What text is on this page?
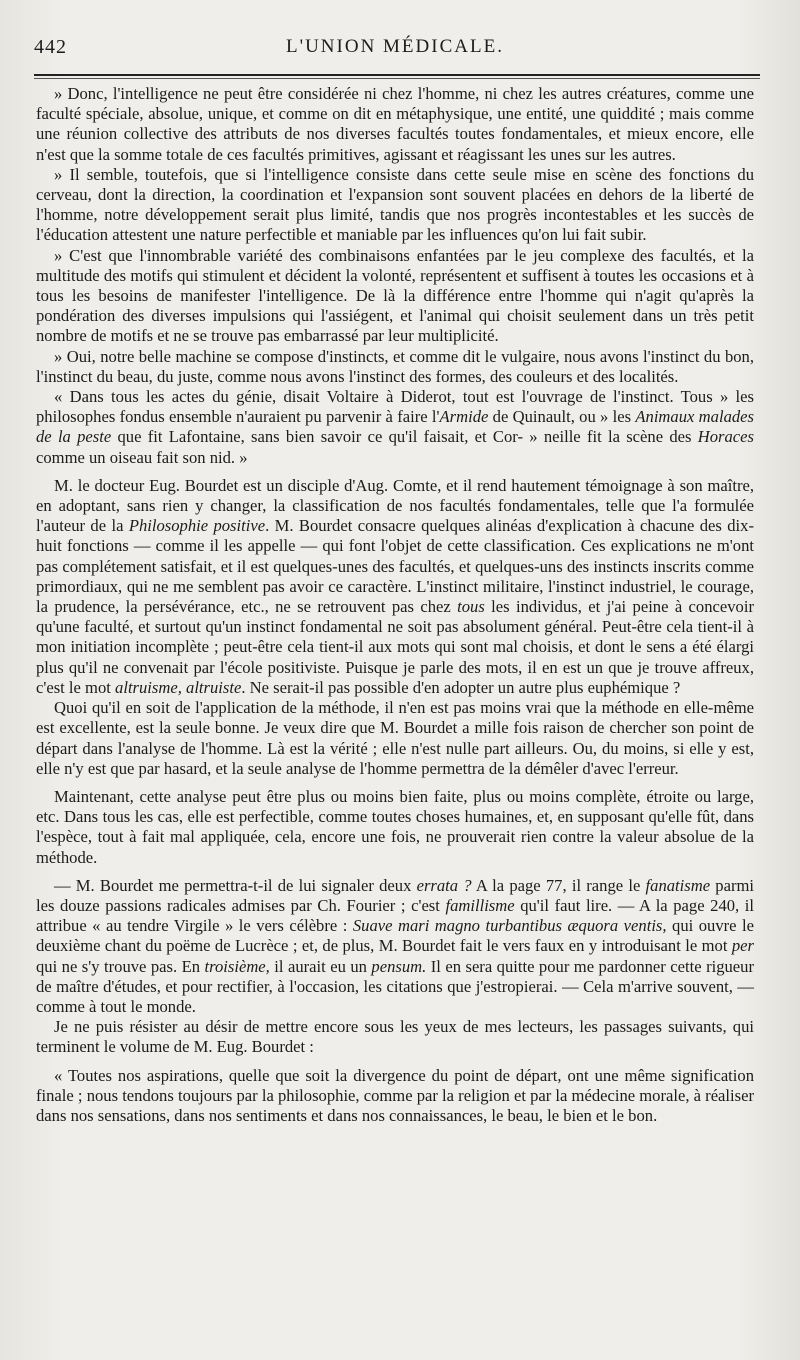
442	L'UNION MÉDICALE.

» Donc, l'intelligence ne peut être considérée ni chez l'homme, ni chez les autres créatures, comme une faculté spéciale, absolue, unique, et comme on dit en métaphysique, une entité, une quiddité ; mais comme une réunion collective des attributs de nos diverses facultés toutes fondamentales, et mieux encore, elle n'est que la somme totale de ces facultés primitives, agissant et réagissant les unes sur les autres.

» Il semble, toutefois, que si l'intelligence consiste dans cette seule mise en scène des fonctions du cerveau, dont la direction, la coordination et l'expansion sont souvent placées en dehors de la liberté de l'homme, notre développement serait plus limité, tandis que nos progrès incontestables et les succès de l'éducation attestent une nature perfectible et maniable par les influences qu'on lui fait subir.

» C'est que l'innombrable variété des combinaisons enfantées par le jeu complexe des facultés, et la multitude des motifs qui stimulent et décident la volonté, représentent et suffisent à toutes les occasions et à tous les besoins de manifester l'intelligence. De là la différence entre l'homme qui n'agit qu'après la pondération des diverses impulsions qui l'assiégent, et l'animal qui choisit seulement dans un très petit nombre de motifs et ne se trouve pas embarrassé par leur multiplicité.

» Oui, notre belle machine se compose d'instincts, et comme dit le vulgaire, nous avons l'instinct du bon, l'instinct du beau, du juste, comme nous avons l'instinct des formes, des couleurs et des localités.

« Dans tous les actes du génie, disait Voltaire à Diderot, tout est l'ouvrage de l'instinct. Tous » les philosophes fondus ensemble n'auraient pu parvenir à faire l'Armide de Quinault, ou » les Animaux malades de la peste que fit Lafontaine, sans bien savoir ce qu'il faisait, et Cor- » neille fit la scène des Horaces comme un oiseau fait son nid. »

M. le docteur Eug. Bourdet est un disciple d'Aug. Comte, et il rend hautement témoignage à son maître, en adoptant, sans rien y changer, la classification de nos facultés fondamentales, telle que l'a formulée l'auteur de la Philosophie positive. M. Bourdet consacre quelques alinéas d'explication à chacune des dix-huit fonctions — comme il les appelle — qui font l'objet de cette classification. Ces explications ne m'ont pas complétement satisfait, et il est quelques-unes des facultés, et quelques-uns des instincts inscrits comme primordiaux, qui ne me semblent pas avoir ce caractère. L'instinct militaire, l'instinct industriel, le courage, la prudence, la persévérance, etc., ne se retrouvent pas chez tous les individus, et j'ai peine à concevoir qu'une faculté, et surtout qu'un instinct fondamental ne soit pas absolument général. Peut-être cela tient-il à mon initiation incomplète ; peut-être cela tient-il aux mots qui sont mal choisis, et dont le sens a été élargi plus qu'il ne convenait par l'école positiviste. Puisque je parle des mots, il en est un que je trouve affreux, c'est le mot altruisme, altruiste. Ne serait-il pas possible d'en adopter un autre plus euphémique ?

Quoi qu'il en soit de l'application de la méthode, il n'en est pas moins vrai que la méthode en elle-même est excellente, est la seule bonne. Je veux dire que M. Bourdet a mille fois raison de chercher son point de départ dans l'analyse de l'homme. Là est la vérité ; elle n'est nulle part ailleurs. Ou, du moins, si elle y est, elle n'y est que par hasard, et la seule analyse de l'homme permettra de la démêler d'avec l'erreur.

Maintenant, cette analyse peut être plus ou moins bien faite, plus ou moins complète, étroite ou large, etc. Dans tous les cas, elle est perfectible, comme toutes choses humaines, et, en supposant qu'elle fût, dans l'espèce, tout à fait mal appliquée, cela, encore une fois, ne prouverait rien contre la valeur absolue de la méthode.

— M. Bourdet me permettra-t-il de lui signaler deux errata ? A la page 77, il range le fanatisme parmi les douze passions radicales admises par Ch. Fourier ; c'est famillisme qu'il faut lire. — A la page 240, il attribue « au tendre Virgile » le vers célèbre : Suave mari magno turbantibus æquora ventis, qui ouvre le deuxième chant du poëme de Lucrèce ; et, de plus, M. Bourdet fait le vers faux en y introduisant le mot per qui ne s'y trouve pas. En troisième, il aurait eu un pensum. Il en sera quitte pour me pardonner cette rigueur de maître d'études, et pour rectifier, à l'occasion, les citations que j'estropierai. — Cela m'arrive souvent, — comme à tout le monde.

Je ne puis résister au désir de mettre encore sous les yeux de mes lecteurs, les passages suivants, qui terminent le volume de M. Eug. Bourdet :

« Toutes nos aspirations, quelle que soit la divergence du point de départ, ont une même signification finale ; nous tendons toujours par la philosophie, comme par la religion et par la médecine morale, à réaliser dans nos sensations, dans nos sentiments et dans nos connaissances, le beau, le bien et le bon.
